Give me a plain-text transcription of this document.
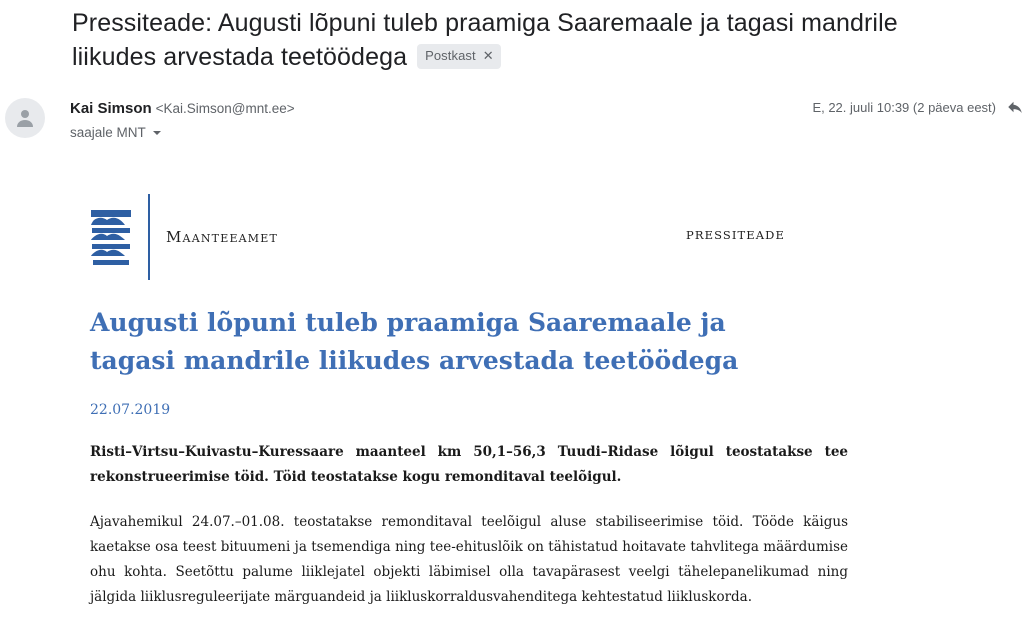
Pressiteade: Augusti lõpuni tuleb praamiga Saaremaale ja tagasi mandrile liikudes arvestada teetöödega Postkast ✕
Kai Simson <Kai.Simson@mnt.ee>
saajale MNT
E, 22. juuli 10:39 (2 päeva eest)
Maanteeamet	PRESSITEADE
Augusti lõpuni tuleb praamiga Saaremaale ja tagasi mandrile liikudes arvestada teetöödega
22.07.2019
Risti–Virtsu–Kuivastu–Kuressaare maanteel km 50,1–56,3 Tuudi–Ridase lõigul teostatakse tee rekonstrueerimise töid. Töid teostatakse kogu remonditaval teelõigul.
Ajavahemikul 24.07.–01.08. teostatakse remonditaval teelõigul aluse stabiliseerimise töid. Tööde käigus kaetakse osa teest bituumeni ja tsemendiga ning tee-ehituslõik on tähistatud hoitavate tahvlitega määrdumise ohu kohta. Seetõttu palume liiklejatel objekti läbimisel olla tavapärasest veelgi tähelepanelikumad ning jälgida liiklusreguleerijate märguandeid ja liikluskorraldusvahenditega kehtestatud liikluskorda.
